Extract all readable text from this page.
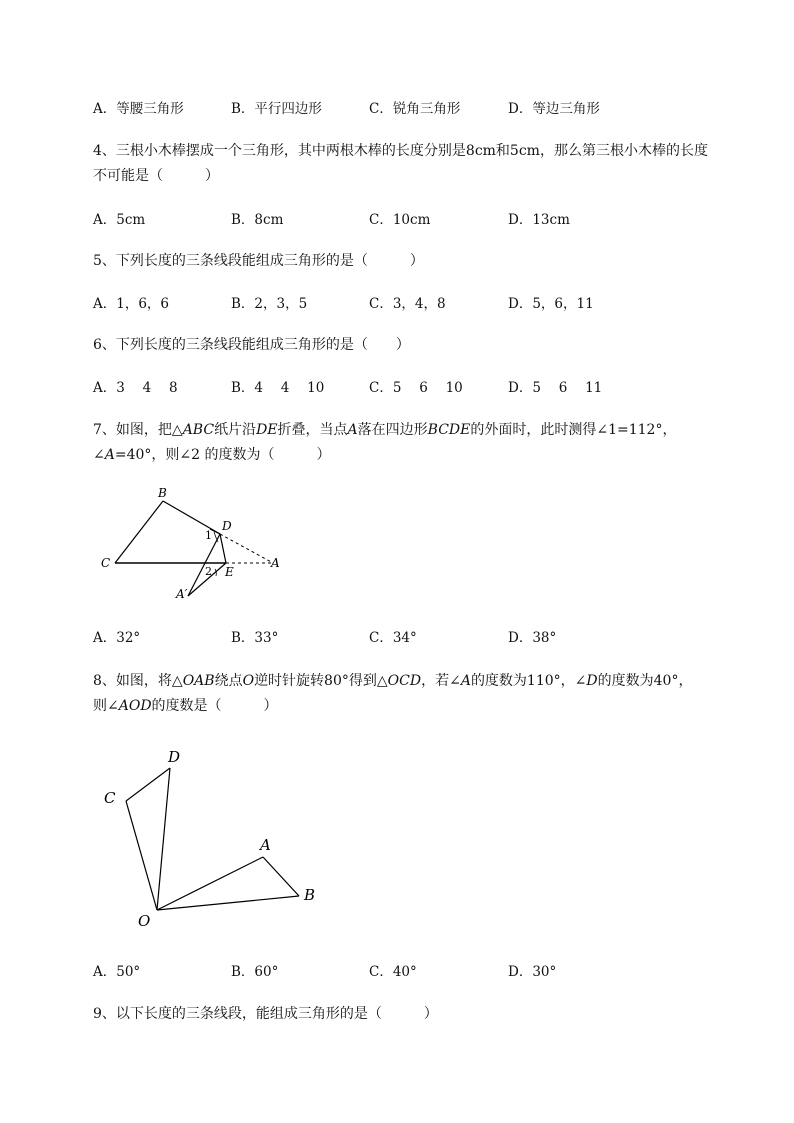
A．等腰三角形	B．平行四边形	C．锐角三角形	D．等边三角形
4、三根小木棒摆成一个三角形，其中两根木棒的长度分别是8cm和5cm，那么第三根小木棒的长度
不可能是（　　　）
A．5cm	B．8cm	C．10cm	D．13cm
5、下列长度的三条线段能组成三角形的是（　　　）
A．1，6，6	B．2，3，5	C．3，4，8	D．5，6，11
6、下列长度的三条线段能组成三角形的是（　　）
A．3　 4　 8	B．4　 4　 10	C．5　 6　 10	D．5　 6　 11
7、如图，把△ABC纸片沿DE折叠，当点A落在四边形BCDE的外面时，此时测得∠1=112°，
∠A=40°，则∠2 的度数为（　　　）
B
C
D
E
A
A′
1
2
A．32°	B．33°	C．34°	D．38°
8、如图，将△OAB绕点O逆时针旋转80°得到△OCD，若∠A的度数为110°，∠D的度数为40°，
则∠AOD的度数是（　　　）
D
C
A
B
O
A．50°	B．60°	C．40°	D．30°
9、以下长度的三条线段，能组成三角形的是（　　　）
